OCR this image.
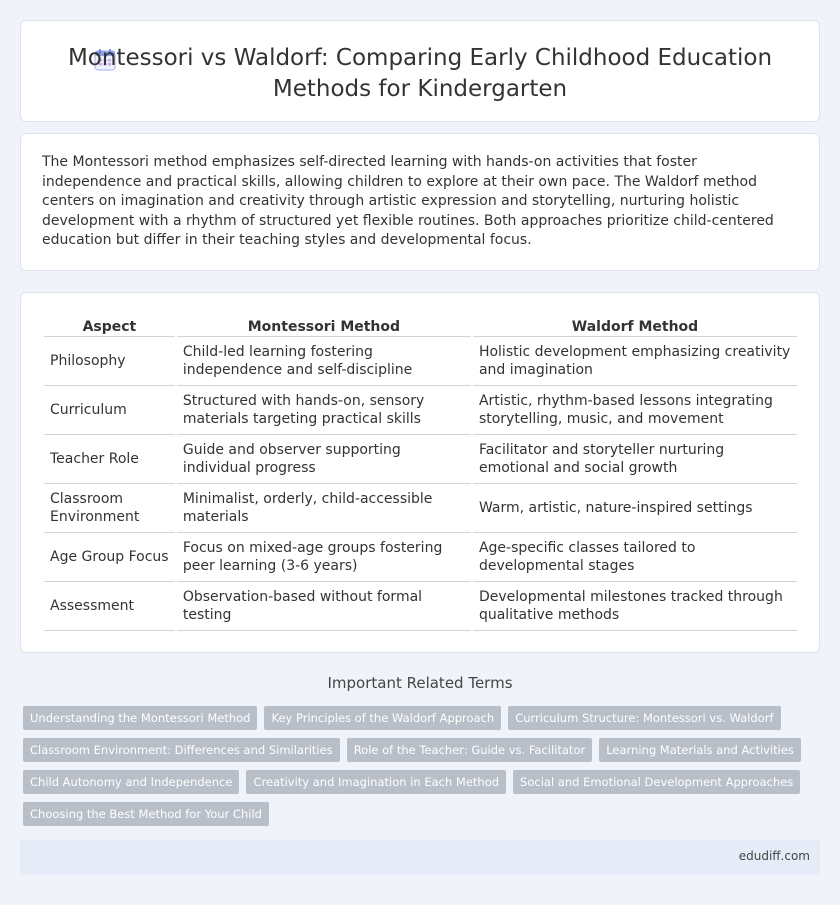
Montessori vs Waldorf: Comparing Early Childhood Education Methods for Kindergarten

The Montessori method emphasizes self-directed learning with hands-on activities that foster independence and practical skills, allowing children to explore at their own pace. The Waldorf method centers on imagination and creativity through artistic expression and storytelling, nurturing holistic development with a rhythm of structured yet flexible routines. Both approaches prioritize child-centered education but differ in their teaching styles and developmental focus.

Aspect	Montessori Method	Waldorf Method
Philosophy	Child-led learning fostering independence and self-discipline	Holistic development emphasizing creativity and imagination
Curriculum	Structured with hands-on, sensory materials targeting practical skills	Artistic, rhythm-based lessons integrating storytelling, music, and movement
Teacher Role	Guide and observer supporting individual progress	Facilitator and storyteller nurturing emotional and social growth
Classroom Environment	Minimalist, orderly, child-accessible materials	Warm, artistic, nature-inspired settings
Age Group Focus	Focus on mixed-age groups fostering peer learning (3-6 years)	Age-specific classes tailored to developmental stages
Assessment	Observation-based without formal testing	Developmental milestones tracked through qualitative methods
Important Related Terms
Understanding the Montessori Method	Key Principles of the Waldorf Approach	Curriculum Structure: Montessori vs. Waldorf
Classroom Environment: Differences and Similarities	Role of the Teacher: Guide vs. Facilitator	Learning Materials and Activities
Child Autonomy and Independence	Creativity and Imagination in Each Method	Social and Emotional Development Approaches
Choosing the Best Method for Your Child
edudiff.com
